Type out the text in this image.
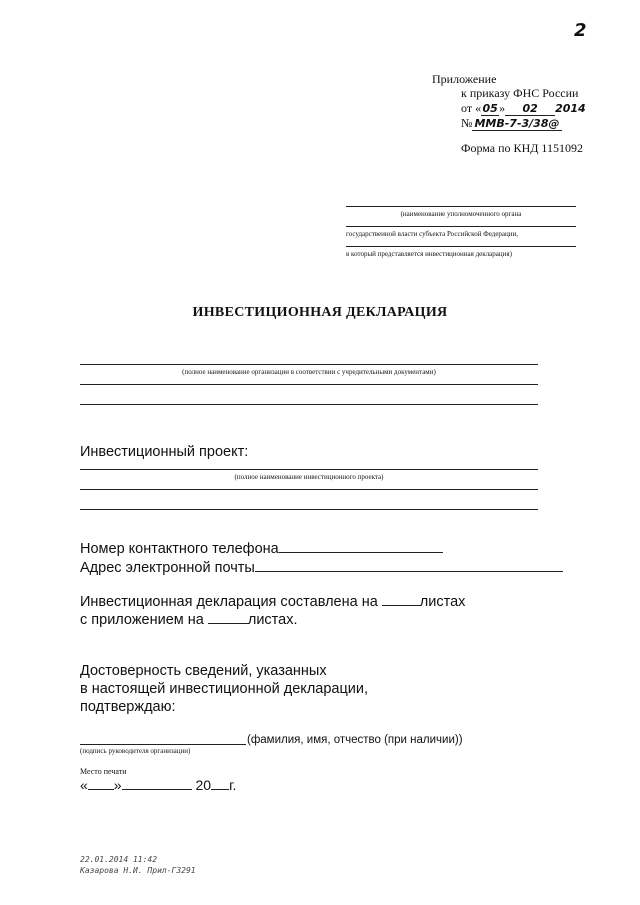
2
Приложение
к приказу ФНС России
от «05» 02 2014
№ ММВ-7-3/38@
Форма по КНД 1151092
(наименование уполномоченного органа
государственной власти субъекта Российской Федерации,
в который представляется инвестиционная декларация)
ИНВЕСТИЦИОННАЯ ДЕКЛАРАЦИЯ
(полное наименование организации в соответствии с учредительными документами)
Инвестиционный проект:
(полное наименование инвестиционного проекта)
Номер контактного телефона
Адрес электронной почты
Инвестиционная декларация составлена на	листах
с приложением на	листах.
Достоверность сведений, указанных
в настоящей инвестиционной декларации,
подтверждаю:
(фамилия, имя, отчество (при наличии))
(подпись руководителя организации)
Место печати
« »	20 г.
22.01.2014 11:42
Казарова Н.И. Прил-Г3291
